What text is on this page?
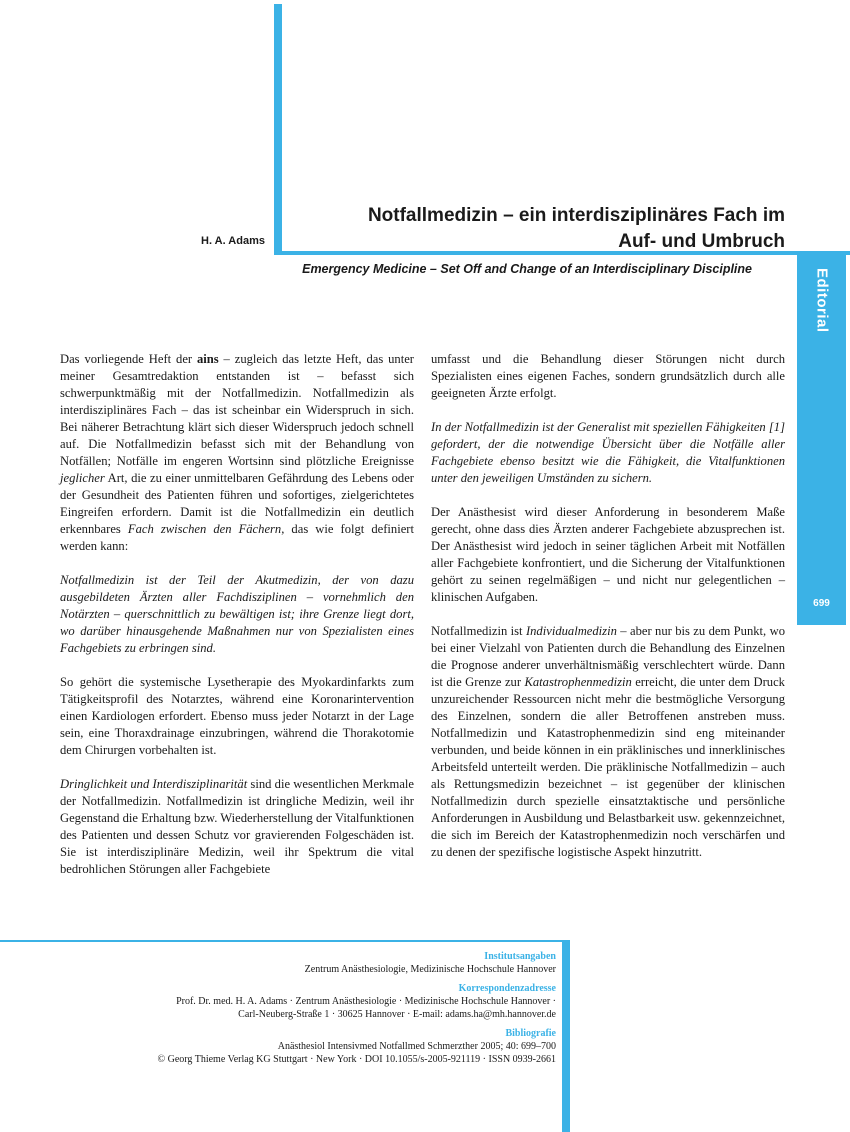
Editorial
699
Notfallmedizin – ein interdisziplinäres Fach im
Auf- und Umbruch
H. A. Adams
Emergency Medicine – Set Off and Change of an Interdisciplinary Discipline

Das vorliegende Heft der ains – zugleich das letzte Heft, das unter meiner Gesamtredaktion entstanden ist – befasst sich schwerpunktmäßig mit der Notfallmedizin. Notfallmedizin als interdisziplinäres Fach – das ist scheinbar ein Widerspruch in sich. Bei näherer Betrachtung klärt sich dieser Widerspruch jedoch schnell auf. Die Notfallmedizin befasst sich mit der Behandlung von Notfällen; Notfälle im engeren Wortsinn sind plötzliche Ereignisse jeglicher Art, die zu einer unmittelbaren Gefährdung des Lebens oder der Gesundheit des Patienten führen und sofortiges, zielgerichtetes Eingreifen erfordern. Damit ist die Notfallmedizin ein deutlich erkennbares Fach zwischen den Fächern, das wie folgt definiert werden kann:

Notfallmedizin ist der Teil der Akutmedizin, der von dazu ausgebildeten Ärzten aller Fachdisziplinen – vornehmlich den Notärzten – querschnittlich zu bewältigen ist; ihre Grenze liegt dort, wo darüber hinausgehende Maßnahmen nur von Spezialisten eines Fachgebiets zu erbringen sind.

So gehört die systemische Lysetherapie des Myokardinfarkts zum Tätigkeitsprofil des Notarztes, während eine Koronarintervention einen Kardiologen erfordert. Ebenso muss jeder Notarzt in der Lage sein, eine Thoraxdrainage einzubringen, während die Thorakotomie dem Chirurgen vorbehalten ist.

Dringlichkeit und Interdisziplinarität sind die wesentlichen Merkmale der Notfallmedizin. Notfallmedizin ist dringliche Medizin, weil ihr Gegenstand die Erhaltung bzw. Wiederherstellung der Vitalfunktionen des Patienten und dessen Schutz vor gravierenden Folgeschäden ist. Sie ist interdisziplinäre Medizin, weil ihr Spektrum die vital bedrohlichen Störungen aller Fachgebiete

umfasst und die Behandlung dieser Störungen nicht durch Spezialisten eines eigenen Faches, sondern grundsätzlich durch alle geeigneten Ärzte erfolgt.

In der Notfallmedizin ist der Generalist mit speziellen Fähigkeiten [1] gefordert, der die notwendige Übersicht über die Notfälle aller Fachgebiete ebenso besitzt wie die Fähigkeit, die Vitalfunktionen unter den jeweiligen Umständen zu sichern.

Der Anästhesist wird dieser Anforderung in besonderem Maße gerecht, ohne dass dies Ärzten anderer Fachgebiete abzusprechen ist. Der Anästhesist wird jedoch in seiner täglichen Arbeit mit Notfällen aller Fachgebiete konfrontiert, und die Sicherung der Vitalfunktionen gehört zu seinen regelmäßigen – und nicht nur gelegentlichen – klinischen Aufgaben.

Notfallmedizin ist Individualmedizin – aber nur bis zu dem Punkt, wo bei einer Vielzahl von Patienten durch die Behandlung des Einzelnen die Prognose anderer unverhältnismäßig verschlechtert würde. Dann ist die Grenze zur Katastrophenmedizin erreicht, die unter dem Druck unzureichender Ressourcen nicht mehr die bestmögliche Versorgung des Einzelnen, sondern die aller Betroffenen anstreben muss. Notfallmedizin und Katastrophenmedizin sind eng miteinander verbunden, und beide können in ein präklinisches und innerklinisches Arbeitsfeld unterteilt werden. Die präklinische Notfallmedizin – auch als Rettungsmedizin bezeichnet – ist gegenüber der klinischen Notfallmedizin durch spezielle einsatztaktische und persönliche Anforderungen in Ausbildung und Belastbarkeit usw. gekennzeichnet, die sich im Bereich der Katastrophenmedizin noch verschärfen und zu denen der spezifische logistische Aspekt hinzutritt.

Institutsangaben
Zentrum Anästhesiologie, Medizinische Hochschule Hannover
Korrespondenzadresse
Prof. Dr. med. H. A. Adams · Zentrum Anästhesiologie · Medizinische Hochschule Hannover ·
Carl-Neuberg-Straße 1 · 30625 Hannover · E-mail: adams.ha@mh.hannover.de
Bibliografie
Anästhesiol Intensivmed Notfallmed Schmerzther 2005; 40: 699–700
© Georg Thieme Verlag KG Stuttgart · New York · DOI 10.1055/s-2005-921119 · ISSN 0939-2661
